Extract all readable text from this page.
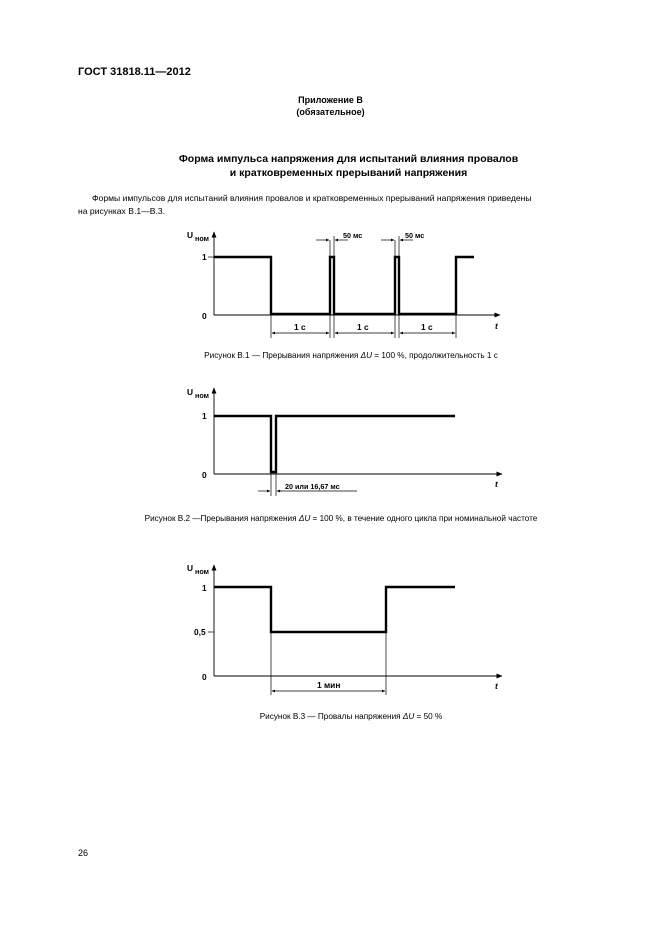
ГОСТ 31818.11—2012
Приложение В
(обязательное)
Форма импульса напряжения для испытаний влияния провалов
и кратковременных прерываний напряжения
Формы импульсов для испытаний влияния провалов и кратковременных прерываний напряжения приведены
на рисунках В.1—В.3.
U ном
1
0
t
1 с	1 с	1 с
50 мс	50 мс
Рисунок В.1 — Прерывания напряжения ΔU = 100 %, продолжительность 1 с
U ном
1
0
t
20 или 16,67 мс
Рисунок В.2 —Прерывания напряжения ΔU = 100 %, в течение одного цикла при номинальной частоте
U ном
1
0,5
0
t
1 мин
Рисунок В.3 — Провалы напряжения ΔU = 50 %
26
